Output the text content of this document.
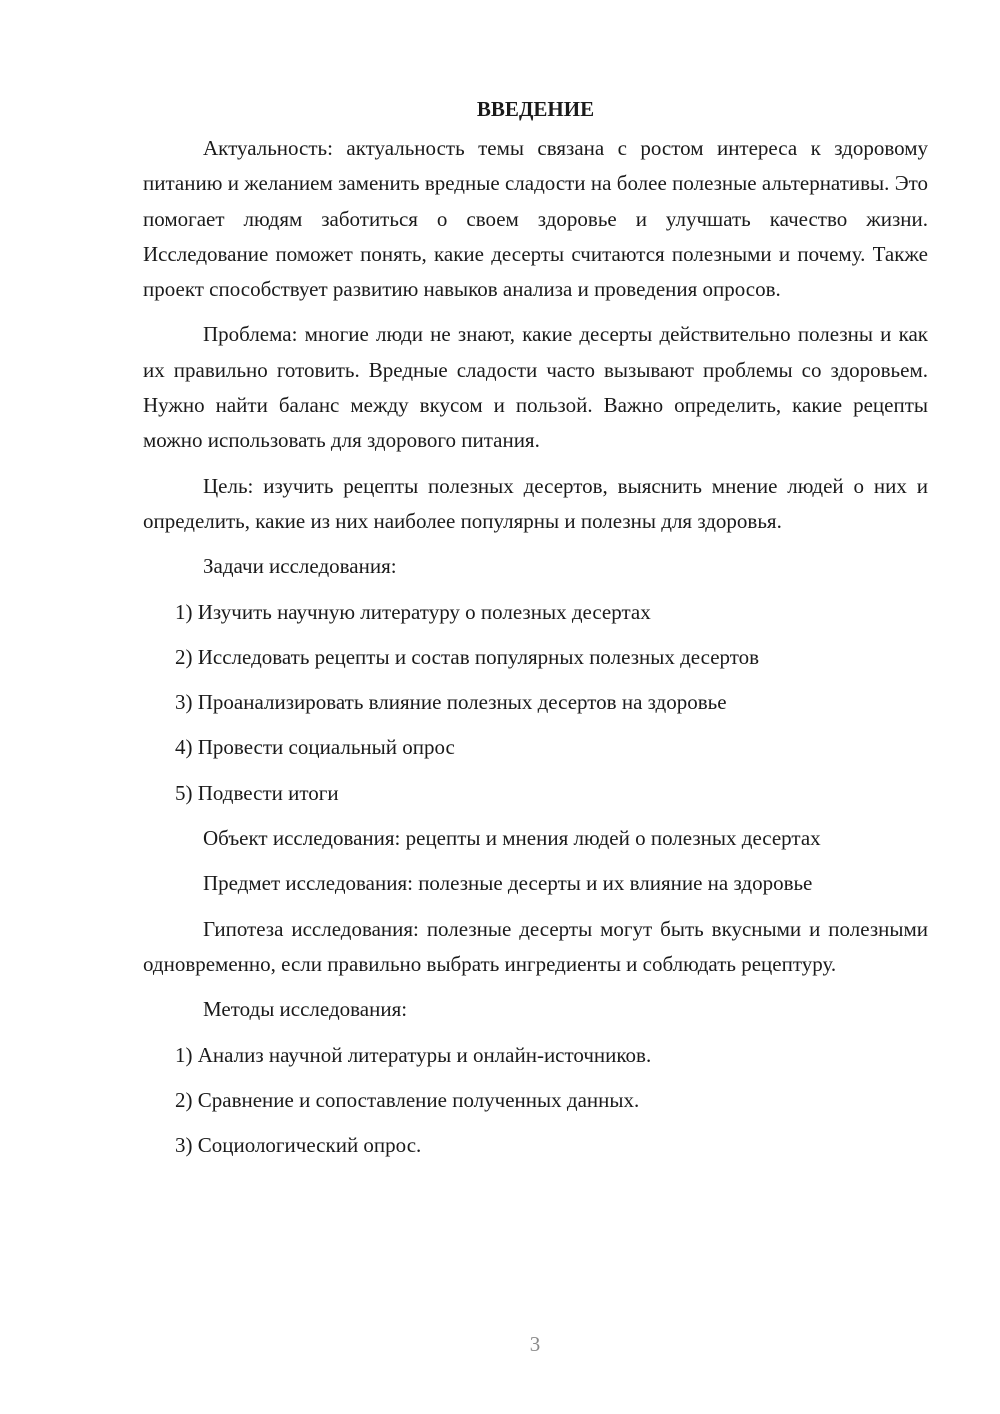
ВВЕДЕНИЕ

Актуальность: актуальность темы связана с ростом интереса к здоровому питанию и желанием заменить вредные сладости на более полезные альтернативы. Это помогает людям заботиться о своем здоровье и улучшать качество жизни. Исследование поможет понять, какие десерты считаются полезными и почему. Также проект способствует развитию навыков анализа и проведения опросов.

Проблема: многие люди не знают, какие десерты действительно полезны и как их правильно готовить. Вредные сладости часто вызывают проблемы со здоровьем. Нужно найти баланс между вкусом и пользой. Важно определить, какие рецепты можно использовать для здорового питания.

Цель: изучить рецепты полезных десертов, выяснить мнение людей о них и определить, какие из них наиболее популярны и полезны для здоровья.

Задачи исследования:
1) Изучить научную литературу о полезных десертах
2) Исследовать рецепты и состав популярных полезных десертов
3) Проанализировать влияние полезных десертов на здоровье
4) Провести социальный опрос
5) Подвести итоги
Объект исследования: рецепты и мнения людей о полезных десертах
Предмет исследования: полезные десерты и их влияние на здоровье

Гипотеза исследования: полезные десерты могут быть вкусными и полезными одновременно, если правильно выбрать ингредиенты и соблюдать рецептуру.

Методы исследования:
1) Анализ научной литературы и онлайн-источников.
2) Сравнение и сопоставление полученных данных.
3) Социологический опрос.
3
